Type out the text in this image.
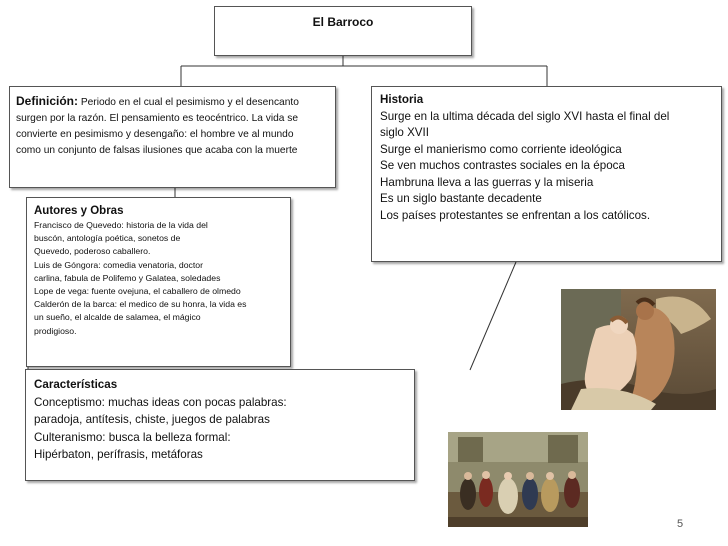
El Barroco
Definición: Periodo en el cual el pesimismo y el desencanto
surgen por la razón. El pensamiento es teocéntrico. La vida se
convierte en pesimismo y desengaño: el hombre ve al mundo
como un conjunto de falsas ilusiones que acaba con la muerte
Historia
Surge en la ultima década del siglo XVI hasta el final del
siglo XVII
Surge el manierismo como corriente ideológica
Se ven muchos contrastes sociales en la época
Hambruna lleva a las guerras y la miseria
Es un siglo bastante decadente
Los países protestantes se enfrentan a los católicos.
Autores y Obras
Francisco de Quevedo: historia de la vida del
buscón, antología poética, sonetos de
Quevedo, poderoso caballero.
Luis de Góngora: comedia venatoria, doctor
carlina, fabula de Polifemo y Galatea, soledades
Lope de vega: fuente ovejuna, el caballero de olmedo
Calderón de la barca: el medico de su honra, la vida es
un sueño, el alcalde de salamea, el mágico
prodigioso.
Características
Conceptismo: muchas ideas con pocas palabras:
paradoja, antítesis, chiste, juegos de palabras
Culteranismo: busca la belleza formal:
Hipérbaton, perífrasis, metáforas
5
